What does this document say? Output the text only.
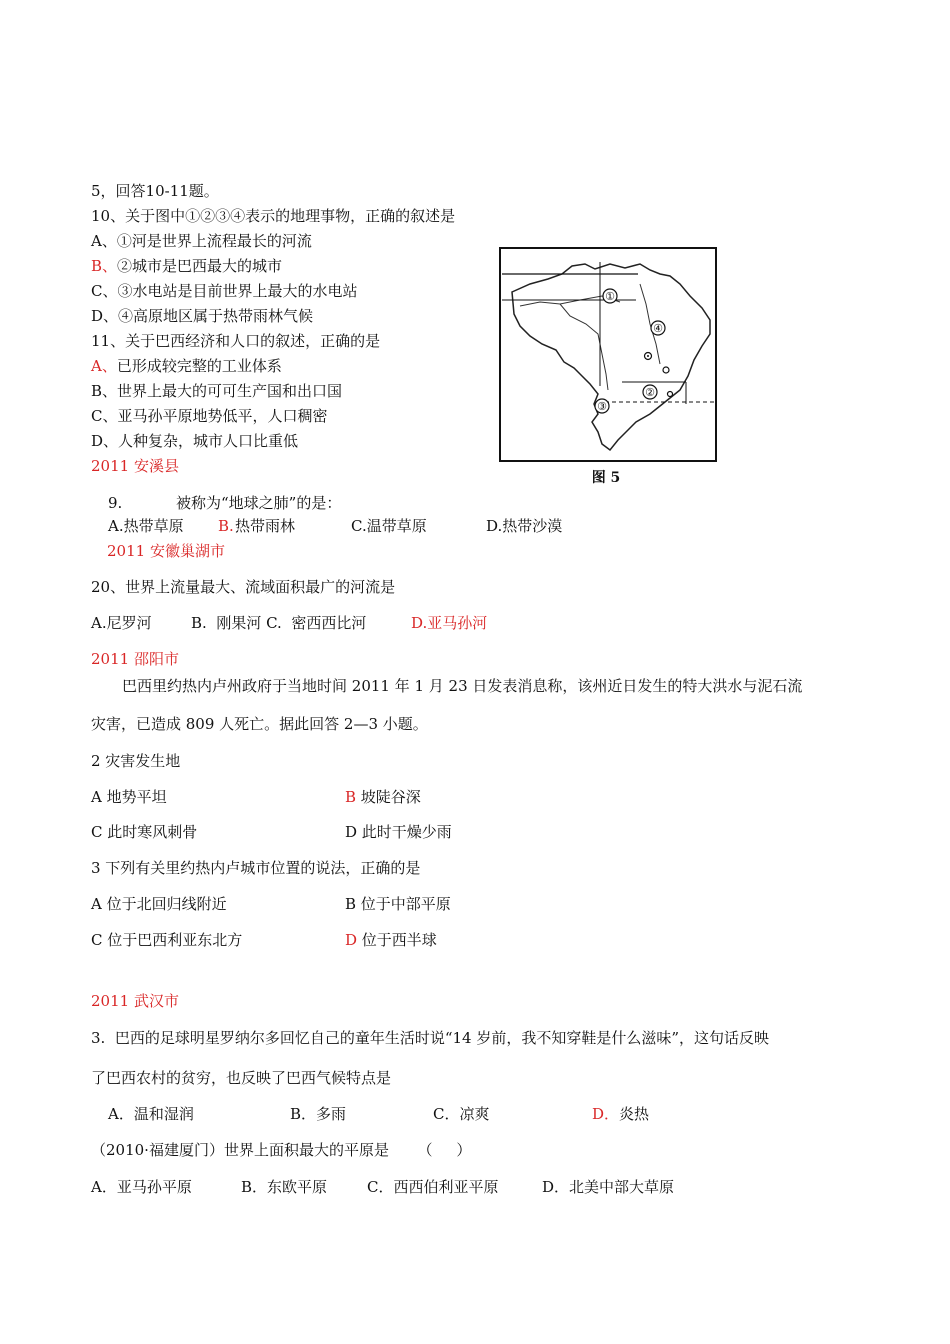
5，回答10-11题。
10、关于图中①②③④表示的地理事物，正确的叙述是
A、①河是世界上流程最长的河流
B、②城市是巴西最大的城市
C、③水电站是目前世界上最大的水电站
D、④高原地区属于热带雨林气候
11、关于巴西经济和人口的叙述，正确的是
A、已形成较完整的工业体系
B、世界上最大的可可生产国和出口国
C、亚马孙平原地势低平，人口稠密
D、人种复杂，城市人口比重低
①
②
③
④
图 5
2011 安溪县
9.	被称为“地球之肺”的是：
A.热带草原 B. 热带雨林	C.温带草原	D.热带沙漠
2011 安徽巢湖市
20、世界上流量最大、流域面积最广的河流是
A.尼罗河	B.  刚果河 C.  密西西比河	D.亚马孙河
2011 邵阳市
巴西里约热内卢州政府于当地时间 2011 年 1 月 23 日发表消息称，该州近日发生的特大洪水与泥石流
灾害，已造成 809 人死亡。据此回答 2—3 小题。
2 灾害发生地
A 地势平坦	B 坡陡谷深
C 此时寒风刺骨	D 此时干燥少雨
3 下列有关里约热内卢城市位置的说法，正确的是
A 位于北回归线附近	B 位于中部平原
C 位于巴西利亚东北方	D 位于西半球
2011 武汉市
3.  巴西的足球明星罗纳尔多回忆自己的童年生活时说“14 岁前，我不知穿鞋是什么滋味”，这句话反映
了巴西农村的贫穷，也反映了巴西气候特点是
A．温和湿润	B．多雨	C．凉爽	D．炎热
（2010·福建厦门）世界上面积最大的平原是      （     ）
A．亚马孙平原	B．东欧平原	C．西西伯利亚平原	D．北美中部大草原
